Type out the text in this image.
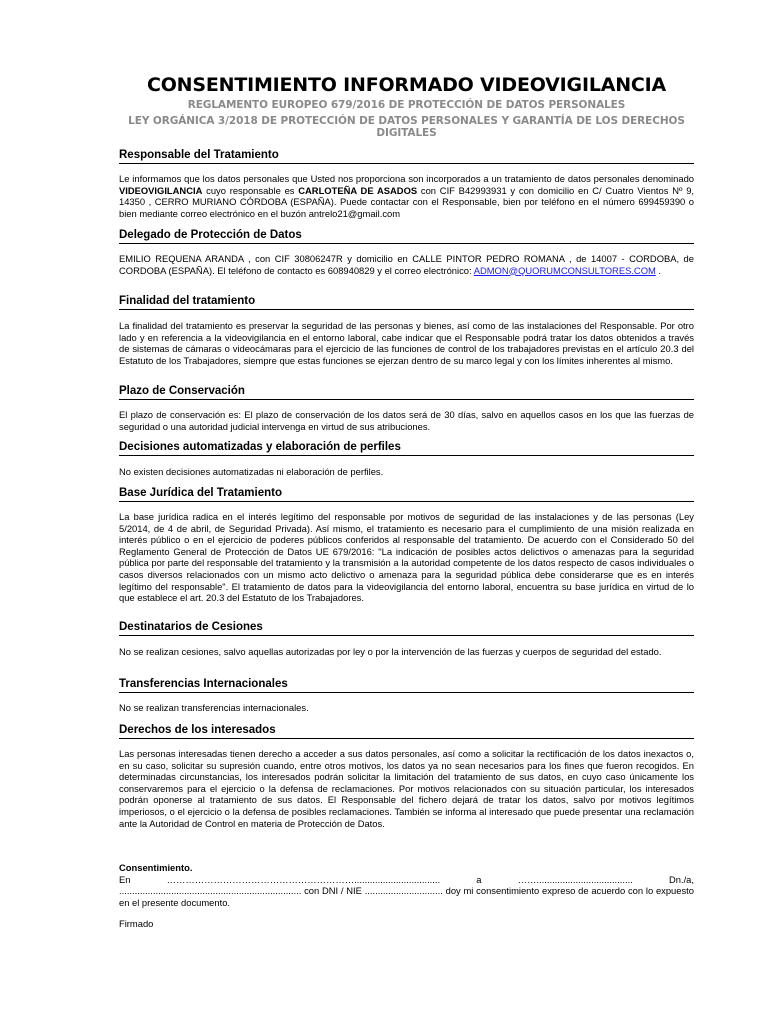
CONSENTIMIENTO INFORMADO VIDEOVIGILANCIA
REGLAMENTO EUROPEO 679/2016 DE PROTECCIÓN DE DATOS PERSONALES
LEY ORGÁNICA 3/2018 DE PROTECCIÓN DE DATOS PERSONALES Y GARANTÍA DE LOS DERECHOS DIGITALES
Responsable del Tratamiento
Le informamos que los datos personales que Usted nos proporciona son incorporados a un tratamiento de datos personales denominado VIDEOVIGILANCIA cuyo responsable es CARLOTEÑA DE ASADOS con CIF B42993931 y con domicilio en C/ Cuatro Vientos Nº 9, 14350 , CERRO MURIANO CÓRDOBA (ESPAÑA). Puede contactar con el Responsable, bien por teléfono en el número 699459390 o bien mediante correo electrónico en el buzón antrelo21@gmail.com
Delegado de Protección de Datos
EMILIO REQUENA ARANDA , con CIF 30806247R y domicilio en CALLE PINTOR PEDRO ROMANA , de 14007 - CORDOBA, de CORDOBA (ESPAÑA). El teléfono de contacto es 608940829 y el correo electrónico: ADMON@QUORUMCONSULTORES.COM .
Finalidad del tratamiento
La finalidad del tratamiento es preservar la seguridad de las personas y bienes, así como de las instalaciones del Responsable. Por otro lado y en referencia a la videovigilancia en el entorno laboral, cabe indicar que el Responsable podrá tratar los datos obtenidos a través de sistemas de cámaras o videocámaras para el ejercicio de las funciones de control de los trabajadores previstas en el artículo 20.3 del Estatuto de los Trabajadores, siempre que estas funciones se ejerzan dentro de su marco legal y con los límites inherentes al mismo.
Plazo de Conservación
El plazo de conservación es: El plazo de conservación de los datos será de 30 días, salvo en aquellos casos en los que las fuerzas de seguridad o una autoridad judicial intervenga en virtud de sus atribuciones.
Decisiones automatizadas y elaboración de perfiles
No existen decisiones automatizadas ni elaboración de perfiles.
Base Jurídica del Tratamiento
La base jurídica radica en el interés legítimo del responsable por motivos de seguridad de las instalaciones y de las personas (Ley 5/2014, de 4 de abril, de Seguridad Privada). Así mismo, el tratamiento es necesario para el cumplimiento de una misión realizada en interés público o en el ejercicio de poderes públicos conferidos al responsable del tratamiento. De acuerdo con el Considerado 50 del Reglamento General de Protección de Datos UE 679/2016: "La indicación de posibles actos delictivos o amenazas para la seguridad pública por parte del responsable del tratamiento y la transmisión a la autoridad competente de los datos respecto de casos individuales o casos diversos relacionados con un mismo acto delictivo o amenaza para la seguridad pública debe considerarse que es en interés legítimo del responsable". El tratamiento de datos para la videovigilancia del entorno laboral, encuentra su base jurídica en virtud de lo que establece el art. 20.3 del Estatuto de los Trabajadores.
Destinatarios de Cesiones
No se realizan cesiones, salvo aquellas autorizadas por ley o por la intervención de las fuerzas y cuerpos de seguridad del estado.
Transferencias Internacionales
No se realizan transferencias internacionales.
Derechos de los interesados
Las personas interesadas tienen derecho a acceder a sus datos personales, así como a solicitar la rectificación de los datos inexactos o, en su caso, solicitar su supresión cuando, entre otros motivos, los datos ya no sean necesarios para los fines que fueron recogidos. En determinadas circunstancias, los interesados podrán solicitar la limitación del tratamiento de sus datos, en cuyo caso únicamente los conservaremos para el ejercicio o la defensa de reclamaciones. Por motivos relacionados con su situación particular, los interesados podrán oponerse al tratamiento de sus datos. El Responsable del fichero dejará de tratar los datos, salvo por motivos legítimos imperiosos, o el ejercicio o la defensa de posibles reclamaciones. También se informa al interesado que puede presentar una reclamación ante la Autoridad de Control en materia de Protección de Datos.
Consentimiento.
En ……………………………………………………................................. a ……..................................... Dn./a, ...................................................................... con DNI / NIE .............................. doy mi consentimiento expreso de acuerdo con lo expuesto en el presente documento.
Firmado
